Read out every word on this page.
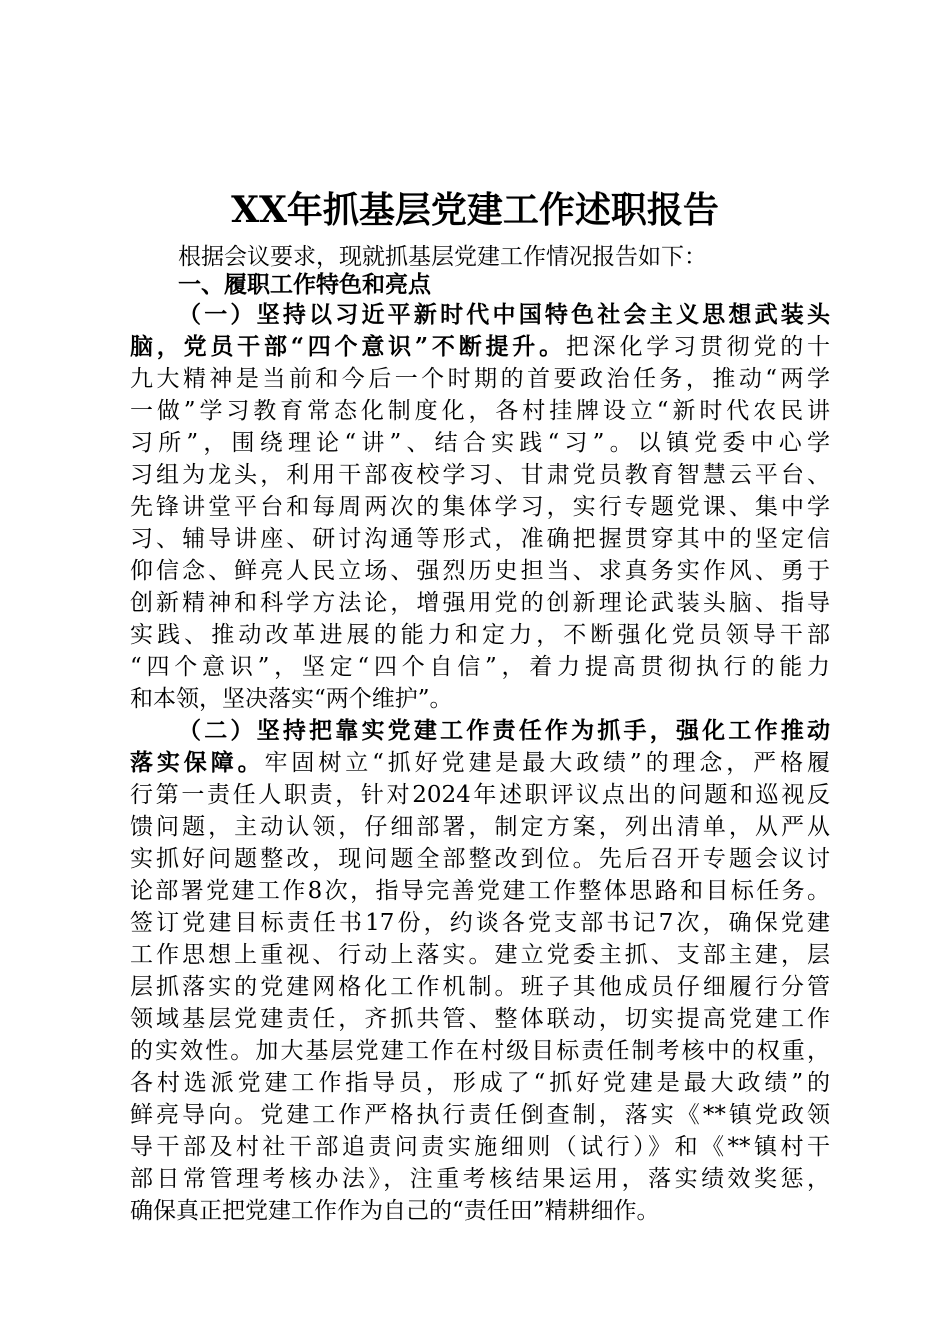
XX年抓基层党建工作述职报告
根据会议要求，现就抓基层党建工作情况报告如下：
一、履职工作特色和亮点
（一）坚持以习近平新时代中国特色社会主义思想武装头
脑，党员干部“四个意识”不断提升。把深化学习贯彻党的十
九大精神是当前和今后一个时期的首要政治任务，推动“两学
一做”学习教育常态化制度化，各村挂牌设立“新时代农民讲
习所”，围绕理论“讲”、结合实践“习”。以镇党委中心学
习组为龙头，利用干部夜校学习、甘肃党员教育智慧云平台、
先锋讲堂平台和每周两次的集体学习，实行专题党课、集中学
习、辅导讲座、研讨沟通等形式，准确把握贯穿其中的坚定信
仰信念、鲜亮人民立场、强烈历史担当、求真务实作风、勇于
创新精神和科学方法论，增强用党的创新理论武装头脑、指导
实践、推动改革进展的能力和定力，不断强化党员领导干部
“四个意识”，坚定“四个自信”，着力提高贯彻执行的能力
和本领，坚决落实“两个维护”。
（二）坚持把靠实党建工作责任作为抓手，强化工作推动
落实保障。牢固树立“抓好党建是最大政绩”的理念，严格履
行第一责任人职责，针对2024年述职评议点出的问题和巡视反
馈问题，主动认领，仔细部署，制定方案，列出清单，从严从
实抓好问题整改，现问题全部整改到位。先后召开专题会议讨
论部署党建工作8次，指导完善党建工作整体思路和目标任务。
签订党建目标责任书17份，约谈各党支部书记7次，确保党建
工作思想上重视、行动上落实。建立党委主抓、支部主建，层
层抓落实的党建网格化工作机制。班子其他成员仔细履行分管
领域基层党建责任，齐抓共管、整体联动，切实提高党建工作
的实效性。加大基层党建工作在村级目标责任制考核中的权重，
各村选派党建工作指导员，形成了“抓好党建是最大政绩”的
鲜亮导向。党建工作严格执行责任倒查制，落实《**镇党政领
导干部及村社干部追责问责实施细则（试行）》和《**镇村干
部日常管理考核办法》，注重考核结果运用，落实绩效奖惩，
确保真正把党建工作作为自己的“责任田”精耕细作。
